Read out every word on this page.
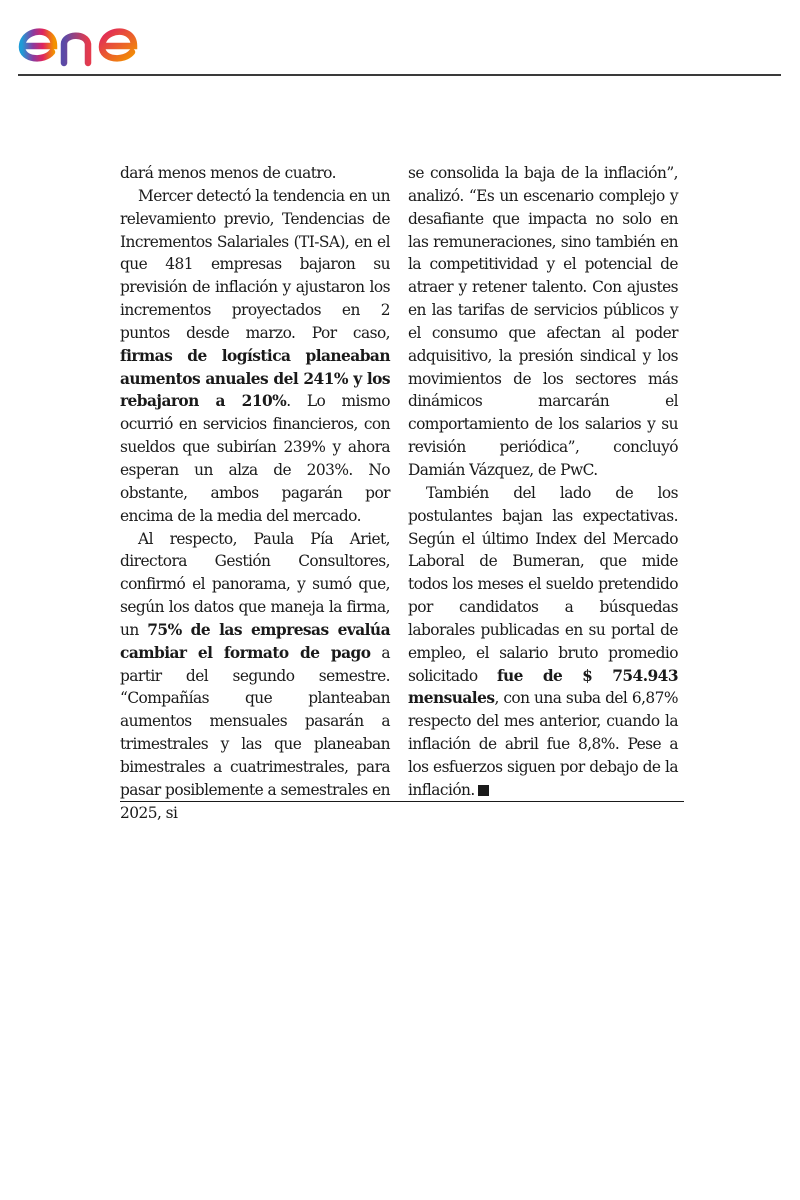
dará menos menos de cuatro.

Mercer detectó la tendencia en un relevamiento previo, Tendencias de Incrementos Salariales (TI-SA), en el que 481 empresas bajaron su previsión de inflación y ajustaron los incrementos proyectados en 2 puntos desde marzo. Por caso, firmas de logística planeaban aumentos anuales del 241% y los rebajaron a 210%. Lo mismo ocurrió en servicios financieros, con sueldos que subirían 239% y ahora esperan un alza de 203%. No obstante, ambos pagarán por encima de la media del mercado.

Al respecto, Paula Pía Ariet, directora Gestión Consultores, confirmó el panorama, y sumó que, según los datos que maneja la firma, un 75% de las empresas evalúa cambiar el formato de pago a partir del segundo semestre. “Compañías que planteaban aumentos mensuales pasarán a trimestrales y las que planeaban bimestrales a cuatrimestrales, para pasar posiblemente a semestrales en 2025, si

se consolida la baja de la inflación”, analizó. “Es un escenario complejo y desafiante que impacta no solo en las remuneraciones, sino también en la competitividad y el potencial de atraer y retener talento. Con ajustes en las tarifas de servicios públicos y el consumo que afectan al poder adquisitivo, la presión sindical y los movimientos de los sectores más dinámicos marcarán el comportamiento de los salarios y su revisión periódica”, concluyó Damián Vázquez, de PwC.

También del lado de los postulantes bajan las expectativas. Según el último Index del Mercado Laboral de Bumeran, que mide todos los meses el sueldo pretendido por candidatos a búsquedas laborales publicadas en su portal de empleo, el salario bruto promedio solicitado fue de $ 754.943 mensuales, con una suba del 6,87% respecto del mes anterior, cuando la inflación de abril fue 8,8%. Pese a los esfuerzos siguen por debajo de la inflación.
